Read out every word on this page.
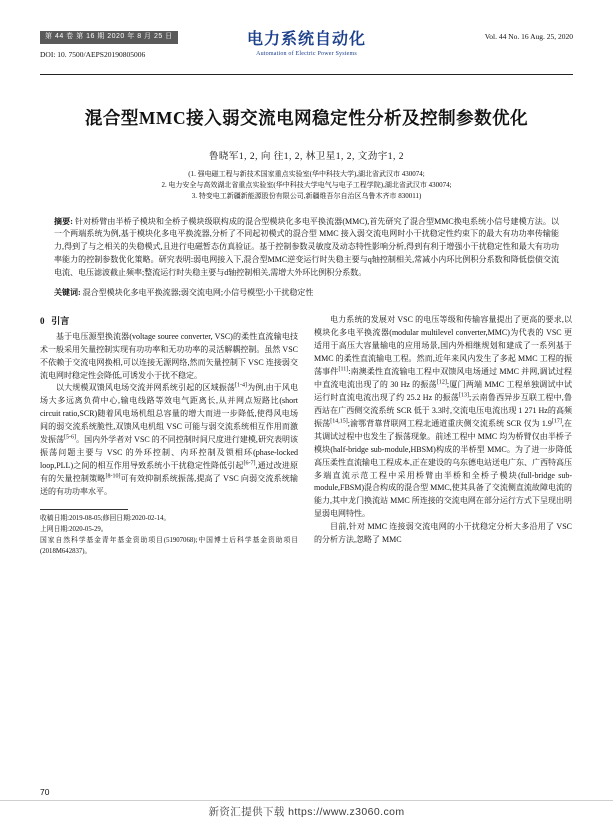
第 44 卷 第 16 期 2020 年 8 月 25 日
DOI: 10. 7500/AEPS20190805006
电力系统自动化
Automation of Electric Power Systems
Vol. 44 No. 16 Aug. 25, 2020
混合型MMC接入弱交流电网稳定性分析及控制参数优化
鲁晓军1, 2, 向 往1, 2, 林卫星1, 2, 文劲宇1, 2
(1. 强电磁工程与新技术国家重点实验室(华中科技大学),湖北省武汉市 430074;
2. 电力安全与高效湖北省重点实验室(华中科技大学电气与电子工程学院),湖北省武汉市 430074;
3. 特变电工新疆新能源股份有限公司,新疆维吾尔自治区乌鲁木齐市 830011)
摘要: 针对桥臂由半桥子模块和全桥子模块级联构成的混合型模块化多电平换流器(MMC),首先研究了混合型MMC换电系统小信号建模方法。以一个两端系统为例,基于模块化多电平换流器,分析了不同起初模式的混合型 MMC 接入弱交流电网时小干扰稳定性约束下的最大有功功率传输能力,得到了与之相关的失稳模式,且进行电磁暂态仿真验证。基于控制参数灵敏度及动态特性影响分析,得到有利于增强小干扰稳定性和最大有功功率能力的控制参数优化策略。研究表明:弱电网接入下,混合型MMC逆变运行时失稳主要与q轴控制相关,常减小内环比例积分系数和降低偿债交流电流、电压滤波截止频率;整流运行时失稳主要与d轴控制相关,需增大外环比例积分系数。
关键词: 混合型模块化多电平换流器;弱交流电网;小信号模型;小干扰稳定性
0 引言

基于电压源型换流器(voltage souree converter, VSC)的柔性直流输电技术一般采用矢量控制实现有功功率和无功功率的灵活解耦控制。虽然 VSC 不依赖于交流电网换相,可以连接无源网络,然而矢量控制下 VSC 连接弱交流电网时稳定性会降低,可诱发小于扰不稳定。

以大规模双馈风电场交流并网系统引起的区域振荡[1-4]为例,由于风电场大多远离负荷中心,输电线路等效电气距离长,从并网点短路比(short circuit ratio,SCR)随着风电场机组总容量的增大而进一步降低,使得风电场间的弱交流系统脆性,双馈风电机组 VSC 可能与弱交流系统相互作用而激发振荡[5-6]。国内外学者对 VSC 的不同控制时间尺度进行建模,研究表明该振荡问题主要与 VSC 的外环控制、内环控制及锁相环(phase-locked loop,PLL)之间的相互作用导致系统小干扰稳定性降低引起[6-7],通过改进原有的矢量控制策略[8-10]可有效抑制系统振荡,提高了 VSC 向弱交流系统输送的有功功率水平。

收稿日期:2019-08-05;修回日期:2020-02-14。
上网日期:2020-05-29。
国家自然科学基金青年基金资助项目(51907068);中国博士后科学基金资助项目(2018M642837)。

电力系统的发展对 VSC 的电压等级和传输容量提出了更高的要求,以模块化多电平换流器(modular multilevel converter,MMC)为代表的 VSC 更适用于高压大容量输电的应用场景,国内外相继规划和建成了一系列基于 MMC 的柔性直流输电工程。然而,近年来风内发生了多起 MMC 工程的振荡事件[11]:南澳柔性直流输电工程中双馈风电场通过 MMC 并网,调试过程中直流电流出现了的 30 Hz 的振荡[12];厦门两端 MMC 工程单独调试中试运行时直流电流出现了约 25.2 Hz 的振荡[13];云南鲁西异步互联工程中,鲁西站在广西侧交流系统 SCR 低于 3.3时,交流电压电流出现 1 271 Hz的高频振荡[14,15];渝鄂背靠背联网工程北通道重庆侧交流系统 SCR 仅为 1.9[17],在其调试过程中也发生了振荡现象。前述工程中 MMC 均为桥臂仅由半桥子模块(half-bridge sub-module,HBSM)构成的半桥型 MMC。为了进一步降低高压柔性直流输电工程成本,正在建设的乌东德电站送电广东、广西特高压多端直流示范工程中采用桥臂由半桥和全桥子模块(full-bridge sub-module,FBSM)混合构成的混合型 MMC,使其具备了交流侧直流故障电流的能力,其中龙门换流站 MMC 所连接的交流电网在部分运行方式下呈现出明显弱电网特性。

目前,针对 MMC 连接弱交流电网的小干扰稳定分析大多沿用了 VSC 的分析方法,忽略了 MMC

70
新资汇提供下载 https://www.z3060.com
